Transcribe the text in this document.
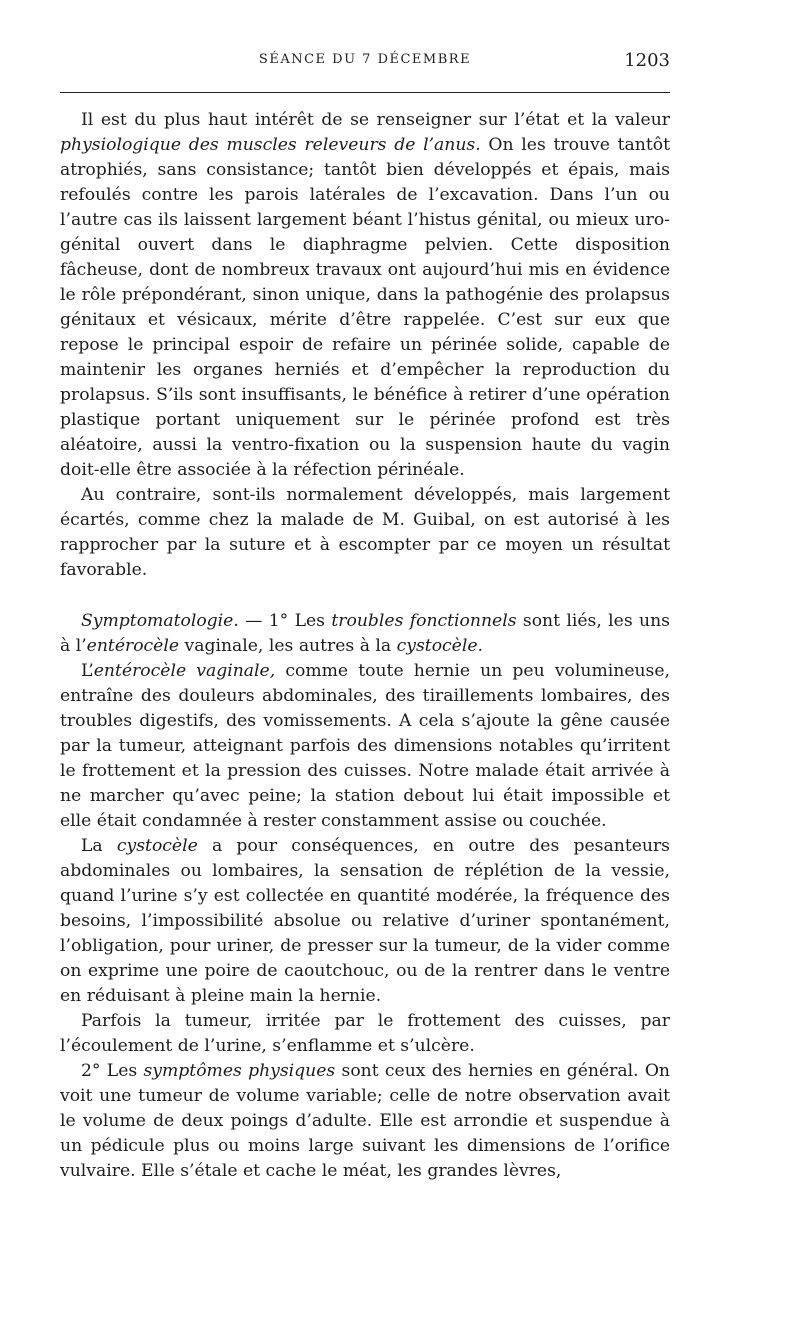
SÉANCE DU 7 DÉCEMBRE	1203

Il est du plus haut intérêt de se renseigner sur l’état et la valeur physiologique des muscles releveurs de l’anus. On les trouve tantôt atrophiés, sans consistance; tantôt bien développés et épais, mais refoulés contre les parois latérales de l’excavation. Dans l’un ou l’autre cas ils laissent largement béant l’histus génital, ou mieux uro-génital ouvert dans le diaphragme pelvien. Cette disposition fâcheuse, dont de nombreux travaux ont aujourd’hui mis en évidence le rôle prépondérant, sinon unique, dans la pathogénie des prolapsus génitaux et vésicaux, mérite d’être rappelée. C’est sur eux que repose le principal espoir de refaire un périnée solide, capable de maintenir les organes herniés et d’empêcher la reproduction du prolapsus. S’ils sont insuffisants, le bénéfice à retirer d’une opération plastique portant uniquement sur le périnée profond est très aléatoire, aussi la ventro-fixation ou la suspension haute du vagin doit-elle être associée à la réfection périnéale.

Au contraire, sont-ils normalement développés, mais largement écartés, comme chez la malade de M. Guibal, on est autorisé à les rapprocher par la suture et à escompter par ce moyen un résultat favorable.

Symptomatologie. — 1° Les troubles fonctionnels sont liés, les uns à l’entérocèle vaginale, les autres à la cystocèle.

L’entérocèle vaginale, comme toute hernie un peu volumineuse, entraîne des douleurs abdominales, des tiraillements lombaires, des troubles digestifs, des vomissements. A cela s’ajoute la gêne causée par la tumeur, atteignant parfois des dimensions notables qu’irritent le frottement et la pression des cuisses. Notre malade était arrivée à ne marcher qu’avec peine; la station debout lui était impossible et elle était condamnée à rester constamment assise ou couchée.

La cystocèle a pour conséquences, en outre des pesanteurs abdominales ou lombaires, la sensation de réplétion de la vessie, quand l’urine s’y est collectée en quantité modérée, la fréquence des besoins, l’impossibilité absolue ou relative d’uriner spontanément, l’obligation, pour uriner, de presser sur la tumeur, de la vider comme on exprime une poire de caoutchouc, ou de la rentrer dans le ventre en réduisant à pleine main la hernie.

Parfois la tumeur, irritée par le frottement des cuisses, par l’écoulement de l’urine, s’enflamme et s’ulcère.

2° Les symptômes physiques sont ceux des hernies en général. On voit une tumeur de volume variable; celle de notre observation avait le volume de deux poings d’adulte. Elle est arrondie et suspendue à un pédicule plus ou moins large suivant les dimensions de l’orifice vulvaire. Elle s’étale et cache le méat, les grandes lèvres,
